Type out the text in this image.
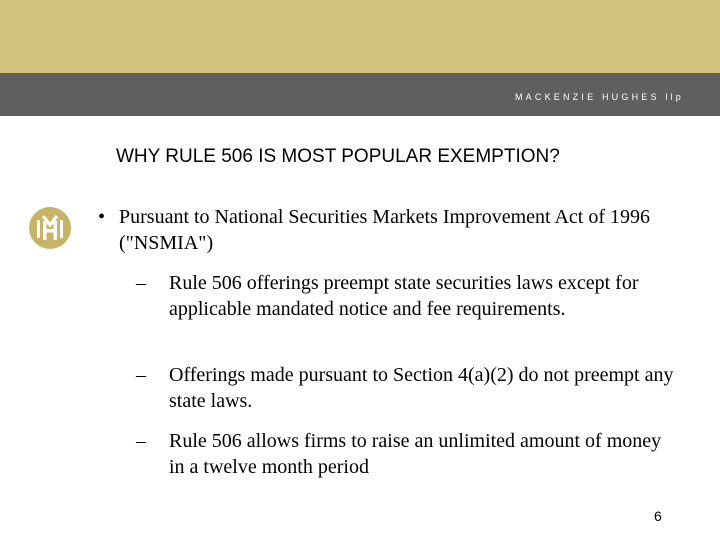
MACKENZIE HUGHES llp
WHY RULE 506 IS MOST POPULAR EXEMPTION?
• Pursuant to National Securities Markets Improvement Act of 1996 ("NSMIA")
– Rule 506 offerings preempt state securities laws except for applicable mandated notice and fee requirements.
– Offerings made pursuant to Section 4(a)(2) do not preempt any state laws.
– Rule 506 allows firms to raise an unlimited amount of money in a twelve month period
6
